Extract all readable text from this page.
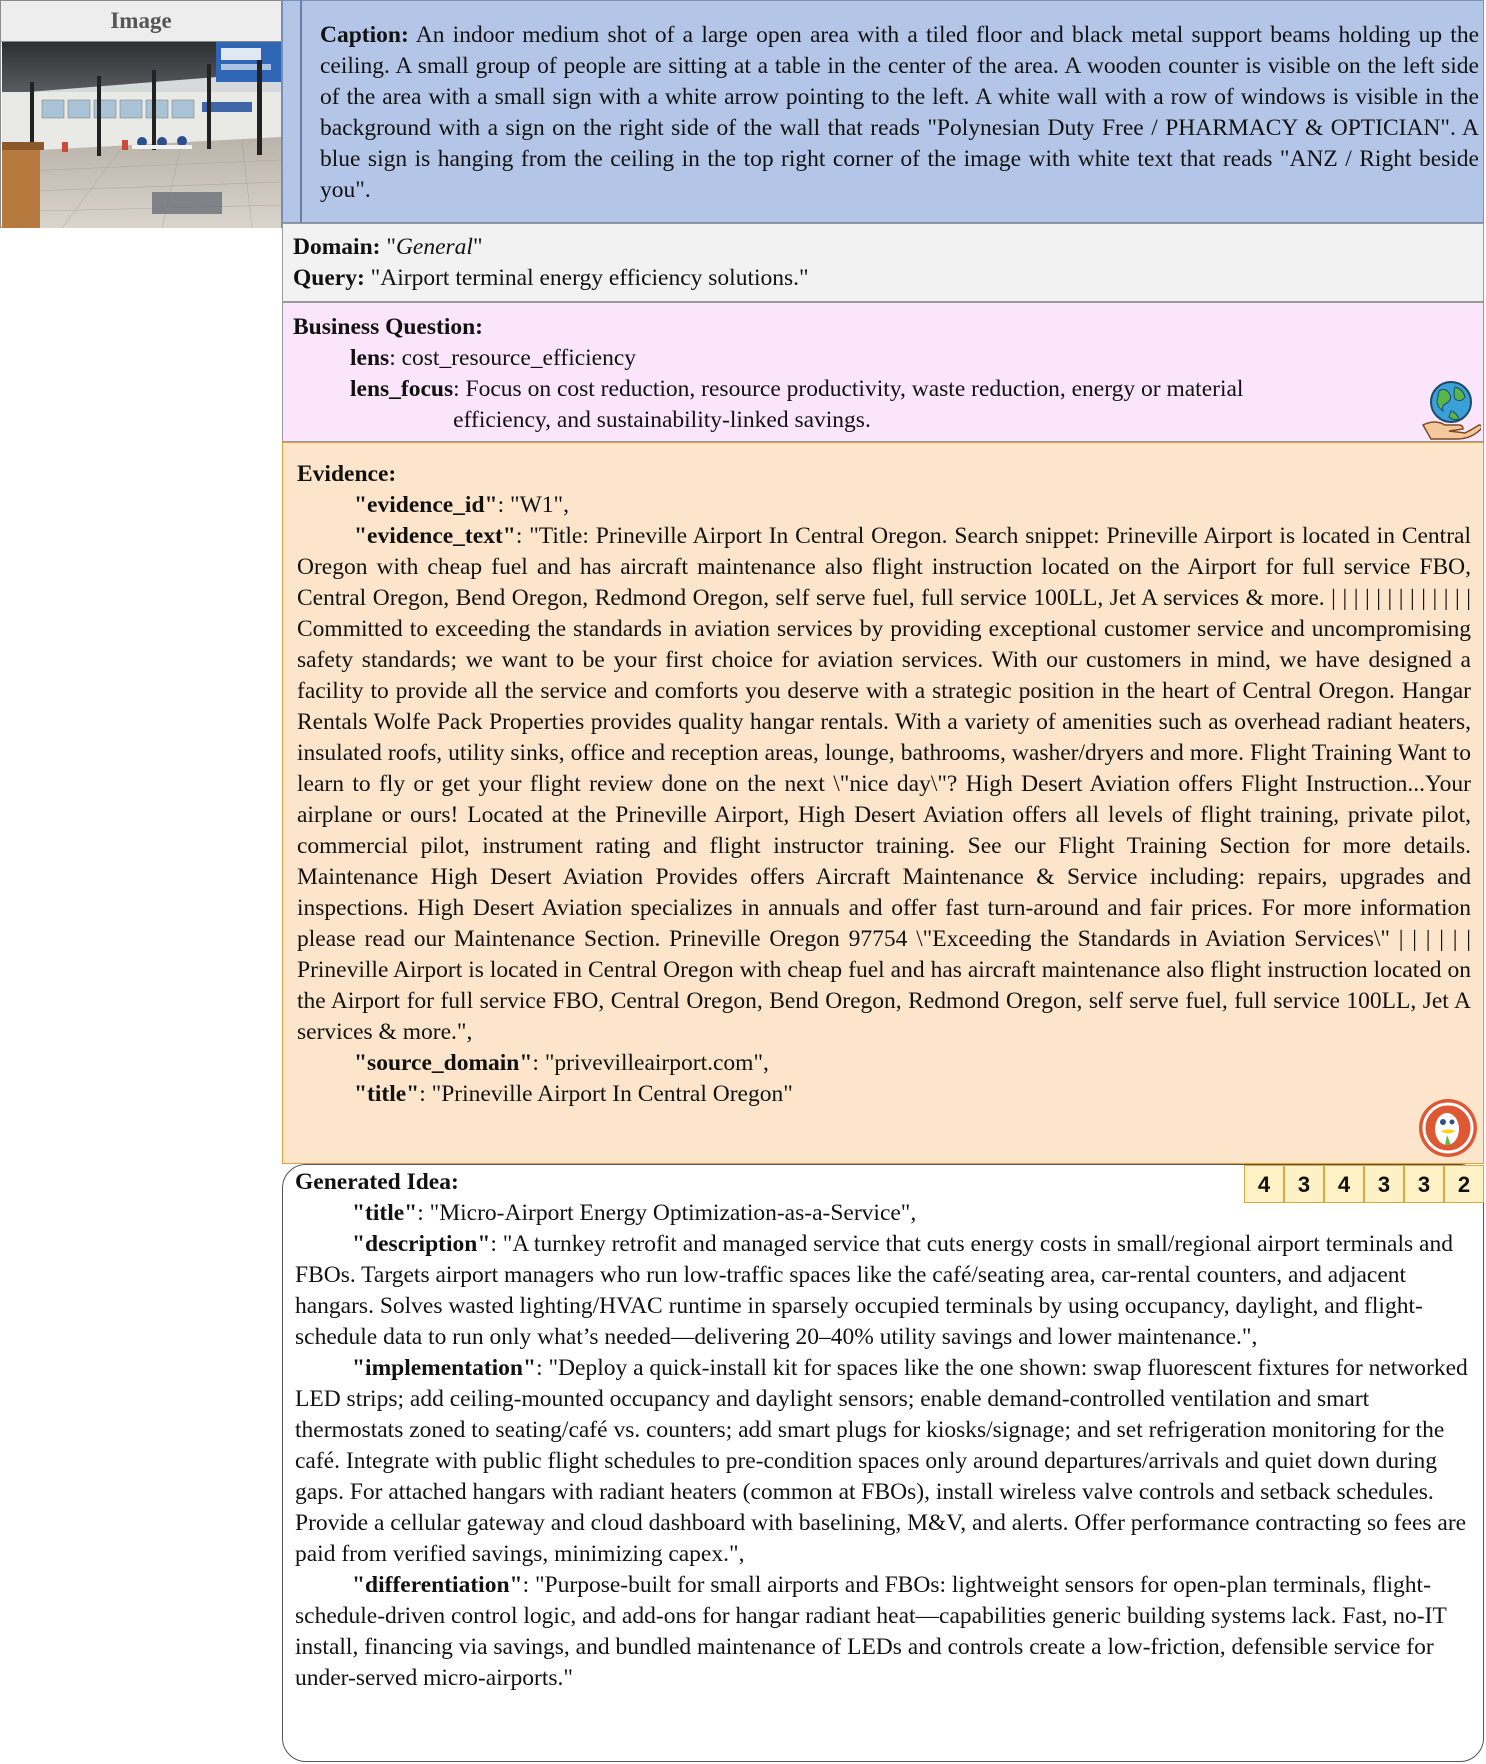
Image
Caption: An indoor medium shot of a large open area with a tiled floor and black metal support beams holding up the ceiling. A small group of people are sitting at a table in the center of the area. A wooden counter is visible on the left side of the area with a small sign with a white arrow pointing to the left. A white wall with a row of windows is visible in the background with a sign on the right side of the wall that reads "Polynesian Duty Free / PHARMACY & OPTICIAN". A blue sign is hanging from the ceiling in the top right corner of the image with white text that reads "ANZ / Right beside you".
Domain: "General"
Query: "Airport terminal energy efficiency solutions."
Business Question:
lens: cost_resource_efficiency
lens_focus : Focus on cost reduction, resource productivity, waste reduction, energy or material efficiency, and sustainability-linked savings.
Evidence:
"evidence_id": "W1",
"evidence_text": "Title: Prineville Airport In Central Oregon. Search snippet: Prineville Airport is located in Central Oregon with cheap fuel and has aircraft maintenance also flight instruction located on the Airport for full service FBO, Central Oregon, Bend Oregon, Redmond Oregon, self serve fuel, full service 100LL, Jet A services & more. | | | | | | | | | | | | | Committed to exceeding the standards in aviation services by providing exceptional customer service and uncompromising safety standards; we want to be your first choice for aviation services. With our customers in mind, we have designed a facility to provide all the service and comforts you deserve with a strategic position in the heart of Central Oregon. Hangar Rentals Wolfe Pack Properties provides quality hangar rentals. With a variety of amenities such as overhead radiant heaters, insulated roofs, utility sinks, office and reception areas, lounge, bathrooms, washer/dryers and more. Flight Training Want to learn to fly or get your flight review done on the next \"nice day\"? High Desert Aviation offers Flight Instruction...Your airplane or ours! Located at the Prineville Airport, High Desert Aviation offers all levels of flight training, private pilot, commercial pilot, instrument rating and flight instructor training. See our Flight Training Section for more details. Maintenance High Desert Aviation Provides offers Aircraft Maintenance & Service including: repairs, upgrades and inspections. High Desert Aviation specializes in annuals and offer fast turn-around and fair prices. For more information please read our Maintenance Section. Prineville Oregon 97754 \"Exceeding the Standards in Aviation Services\" | | | | | | Prineville Airport is located in Central Oregon with cheap fuel and has aircraft maintenance also flight instruction located on the Airport for full service FBO, Central Oregon, Bend Oregon, Redmond Oregon, self serve fuel, full service 100LL, Jet A services & more.",
"source_domain": "privevilleairport.com",
"title": "Prineville Airport In Central Oregon"
4	3	4	3	3	2
Generated Idea:
"title": "Micro-Airport Energy Optimization-as-a-Service",
"description": "A turnkey retrofit and managed service that cuts energy costs in small/regional airport terminals and FBOs. Targets airport managers who run low-traffic spaces like the café/seating area, car-rental counters, and adjacent hangars. Solves wasted lighting/HVAC runtime in sparsely occupied terminals by using occupancy, daylight, and flight-schedule data to run only what’s needed—delivering 20–40% utility savings and lower maintenance.",
"implementation": "Deploy a quick-install kit for spaces like the one shown: swap fluorescent fixtures for networked LED strips; add ceiling-mounted occupancy and daylight sensors; enable demand-controlled ventilation and smart thermostats zoned to seating/café vs. counters; add smart plugs for kiosks/signage; and set refrigeration monitoring for the café. Integrate with public flight schedules to pre-condition spaces only around departures/arrivals and quiet down during gaps. For attached hangars with radiant heaters (common at FBOs), install wireless valve controls and setback schedules. Provide a cellular gateway and cloud dashboard with baselining, M&V, and alerts. Offer performance contracting so fees are paid from verified savings, minimizing capex.",
"differentiation": "Purpose-built for small airports and FBOs: lightweight sensors for open-plan terminals, flight-schedule-driven control logic, and add-ons for hangar radiant heat—capabilities generic building systems lack. Fast, no-IT install, financing via savings, and bundled maintenance of LEDs and controls create a low-friction, defensible service for under-served micro-airports."
